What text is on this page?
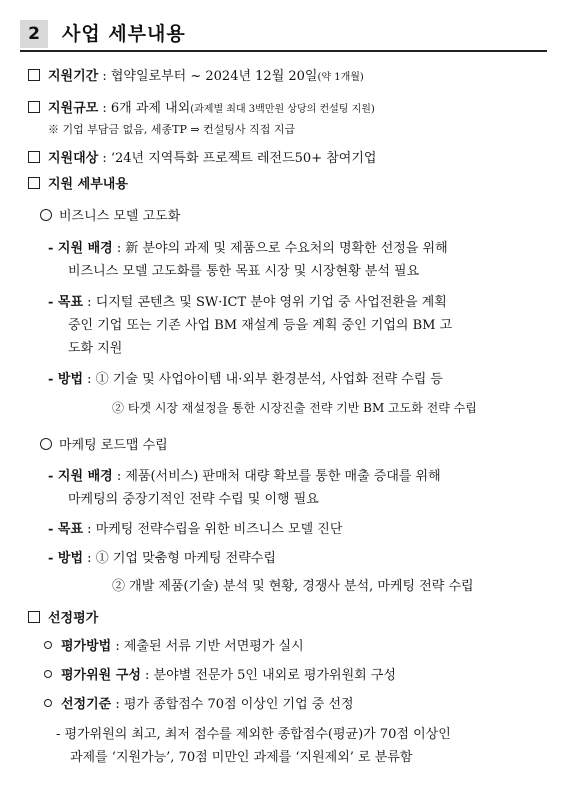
2	사업 세부내용
지원기간 : 협약일로부터 ~ 2024년 12월 20일(약 1개월)
지원규모 : 6개 과제 내외(과제별 최대 3백만원 상당의 컨설팅 지원)
※ 기업 부담금 없음, 세종TP ⇒ 컨설팅사 직접 지급
지원대상 : ‘24년 지역특화 프로젝트 레전드50+ 참여기업
지원 세부내용
비즈니스 모델 고도화
- 지원 배경 : 新 분야의 과제 및 제품으로 수요처의 명확한 선정을 위해
비즈니스 모델 고도화를 통한 목표 시장 및 시장현황 분석 필요
- 목표 : 디지털 콘텐츠 및 SW·ICT 분야 영위 기업 중 사업전환을 계획
중인 기업 또는 기존 사업 BM 재설계 등을 계획 중인 기업의 BM 고
도화 지원
- 방법 : ① 기술 및 사업아이템 내·외부 환경분석, 사업화 전략 수립 등
② 타겟 시장 재설정을 통한 시장진출 전략 기반 BM 고도화 전략 수립
마케팅 로드맵 수립
- 지원 배경 : 제품(서비스) 판매처 대량 확보를 통한 매출 증대를 위해
마케팅의 중장기적인 전략 수립 및 이행 필요
- 목표 : 마케팅 전략수립을 위한 비즈니스 모델 진단
- 방법 : ① 기업 맞춤형 마케팅 전략수립
② 개발 제품(기술) 분석 및 현황, 경쟁사 분석, 마케팅 전략 수립
선정평가
평가방법 : 제출된 서류 기반 서면평가 실시
평가위원 구성 : 분야별 전문가 5인 내외로 평가위원회 구성
선정기준 : 평가 종합점수 70점 이상인 기업 중 선정
- 평가위원의 최고, 최저 점수를 제외한 종합점수(평균)가 70점 이상인
과제를 ‘지원가능’, 70점 미만인 과제를 ‘지원제외’ 로 분류함
